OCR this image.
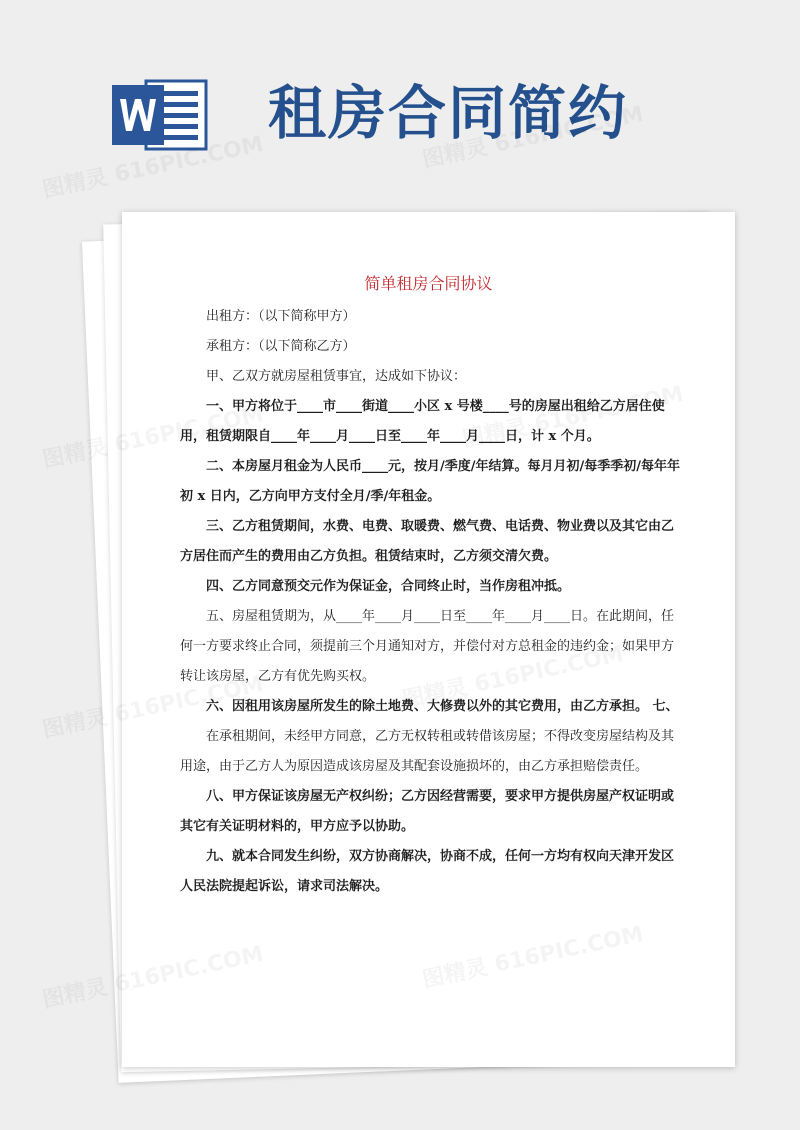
租房合同简约
简单租房合同协议

出租方：（以下简称甲方）

承租方：（以下简称乙方）

甲、乙双方就房屋租赁事宜，达成如下协议：

一、甲方将位于____市____街道____小区 x 号楼____号的房屋出租给乙方居住使用，租赁期限自____年____月____日至____年____月____日，计 x 个月。

二、本房屋月租金为人民币____元，按月/季度/年结算。每月月初/每季季初/每年年初 x 日内，乙方向甲方支付全月/季/年租金。

三、乙方租赁期间，水费、电费、取暖费、燃气费、电话费、物业费以及其它由乙方居住而产生的费用由乙方负担。租赁结束时，乙方须交清欠费。

四、乙方同意预交元作为保证金，合同终止时，当作房租冲抵。

五、房屋租赁期为，从____年____月____日至____年____月____日。在此期间，任何一方要求终止合同，须提前三个月通知对方，并偿付对方总租金的违约金；如果甲方转让该房屋，乙方有优先购买权。

六、因租用该房屋所发生的除土地费、大修费以外的其它费用，由乙方承担。 七、

在承租期间，未经甲方同意，乙方无权转租或转借该房屋；不得改变房屋结构及其用途，由于乙方人为原因造成该房屋及其配套设施损坏的，由乙方承担赔偿责任。

八、甲方保证该房屋无产权纠纷；乙方因经营需要，要求甲方提供房屋产权证明或其它有关证明材料的，甲方应予以协助。

九、就本合同发生纠纷，双方协商解决，协商不成，任何一方均有权向天津开发区人民法院提起诉讼，请求司法解决。
